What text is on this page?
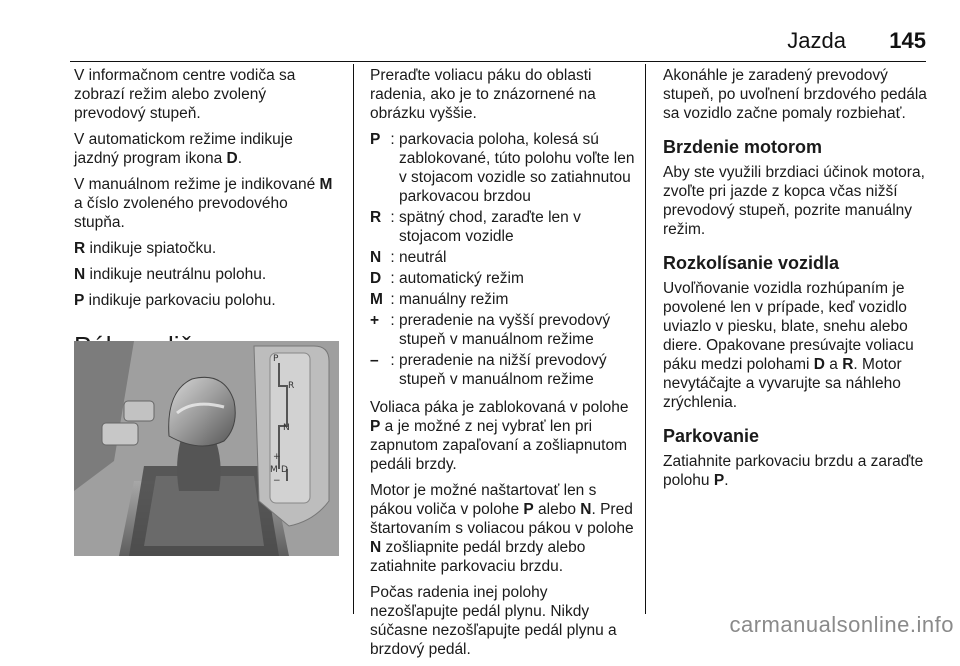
Jazda 145

V informačnom centre vodiča sa zobrazí režim alebo zvolený prevodový stupeň.

V automatickom režime indikuje jazdný program ikona D.

V manuálnom režime je indikované M a číslo zvoleného prevodového stupňa.

R indikuje spiatočku.

N indikuje neutrálnu polohu.

P indikuje parkovaciu polohu.

P
R
N
+
M D
−

Preraďte voliacu páku do oblasti radenia, ako je to znázornené na obrázku vyššie.

P : parkovacia poloha, kolesá sú zablokované, túto polohu voľte len v stojacom vozidle so zatiahnutou parkovacou brzdou
R : spätný chod, zaraďte len v stojacom vozidle
N : neutrál
D : automatický režim
M : manuálny režim
+ : preradenie na vyšší prevodový stupeň v manuálnom režime
– : preradenie na nižší prevodový stupeň v manuálnom režime

Voliaca páka je zablokovaná v polohe P a je možné z nej vybrať len pri zapnutom zapaľovaní a zošliapnutom pedáli brzdy.

Motor je možné naštartovať len s pákou voliča v polohe P alebo N. Pred štartovaním s voliacou pákou v polohe N zošliapnite pedál brzdy alebo zatiahnite parkovaciu brzdu.

Počas radenia inej polohy nezošľapujte pedál plynu. Nikdy súčasne nezošľapujte pedál plynu a brzdový pedál.

Akonáhle je zaradený prevodový stupeň, po uvoľnení brzdového pedála sa vozidlo začne pomaly rozbiehať.

Brzdenie motorom

Aby ste využili brzdiaci účinok motora, zvoľte pri jazde z kopca včas nižší prevodový stupeň, pozrite manuálny režim.

Rozkolísanie vozidla

Uvoľňovanie vozidla rozhúpaním je povolené len v prípade, keď vozidlo uviazlo v piesku, blate, snehu alebo diere. Opakovane presúvajte voliacu páku medzi polohami D a R. Motor nevytáčajte a vyvarujte sa náhleho zrýchlenia.

Parkovanie

Zatiahnite parkovaciu brzdu a zaraďte polohu P.

carmanualsonline.info
